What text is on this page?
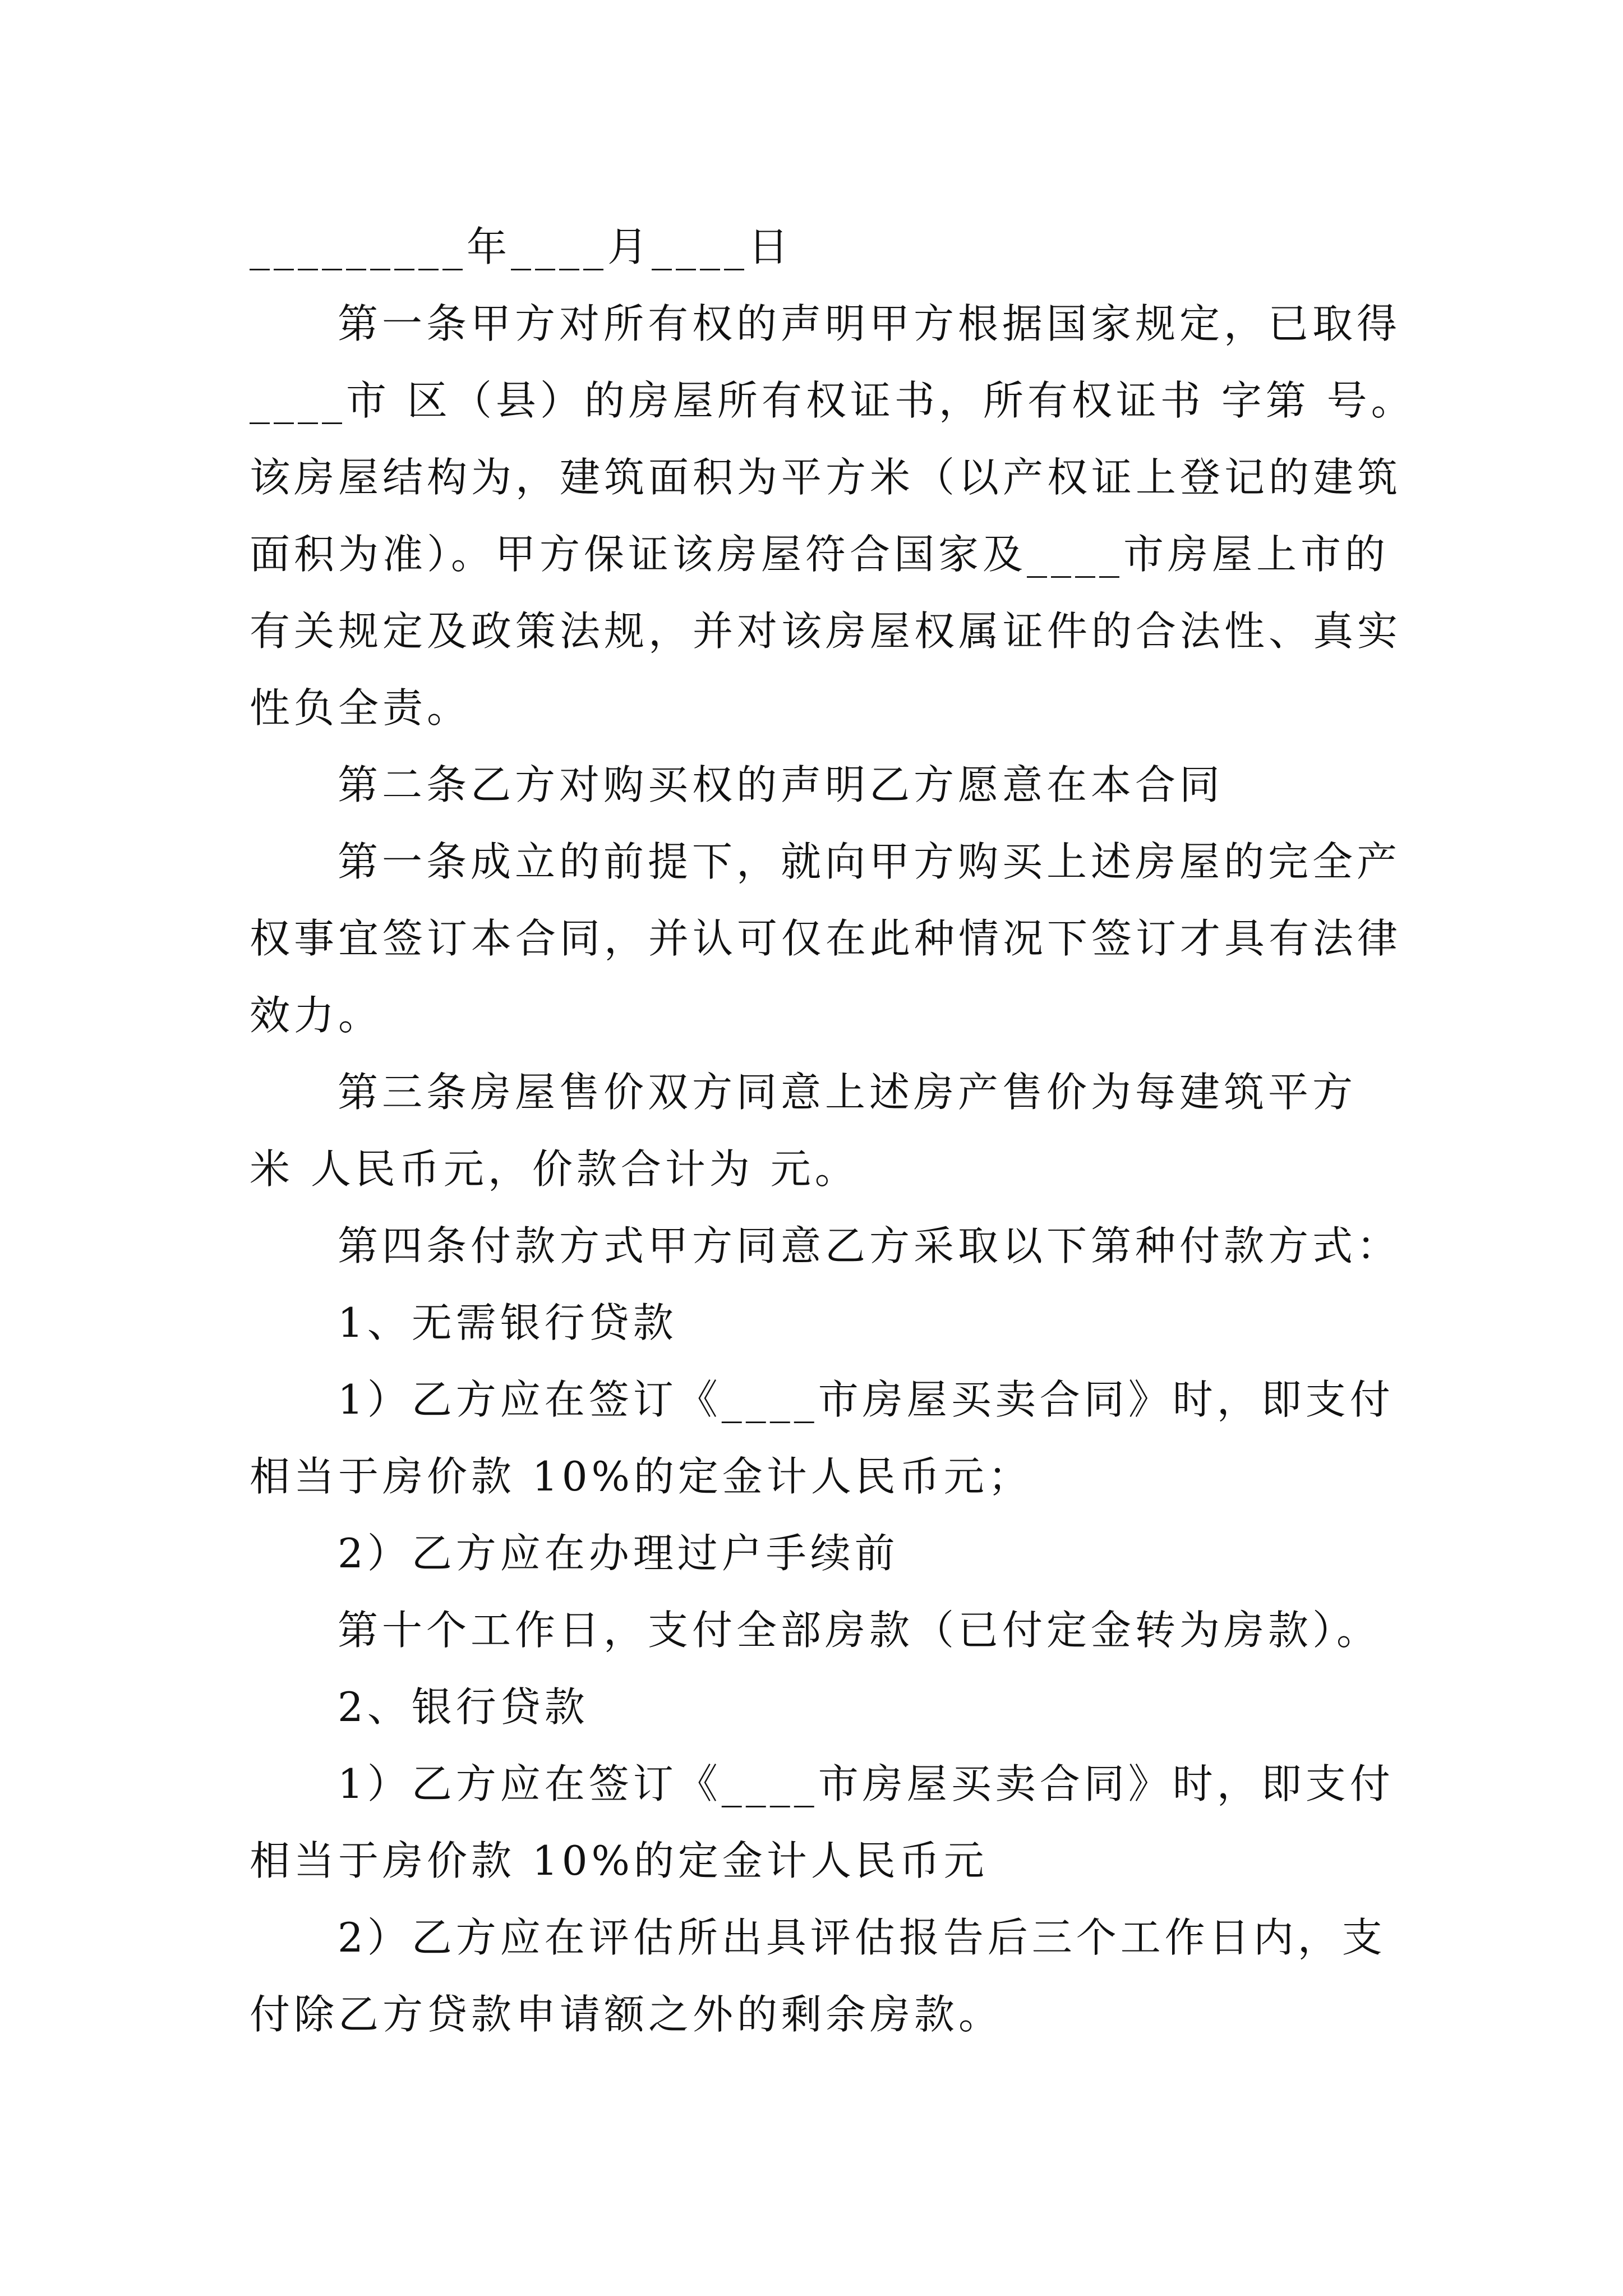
_________年____月____日
第一条甲方对所有权的声明甲方根据国家规定，已取得
____市 区（县）的房屋所有权证书，所有权证书 字第 号。
该房屋结构为，建筑面积为平方米（以产权证上登记的建筑
面积为准）。甲方保证该房屋符合国家及____市房屋上市的
有关规定及政策法规，并对该房屋权属证件的合法性、真实
性负全责。
第二条乙方对购买权的声明乙方愿意在本合同
第一条成立的前提下，就向甲方购买上述房屋的完全产
权事宜签订本合同，并认可仅在此种情况下签订才具有法律
效力。
第三条房屋售价双方同意上述房产售价为每建筑平方
米 人民币元，价款合计为 元。
第四条付款方式甲方同意乙方采取以下第种付款方式：
1、无需银行贷款
1）乙方应在签订《____市房屋买卖合同》时，即支付
相当于房价款 10%的定金计人民币元；
2）乙方应在办理过户手续前
第十个工作日，支付全部房款（已付定金转为房款）。
2、银行贷款
1）乙方应在签订《____市房屋买卖合同》时，即支付
相当于房价款 10%的定金计人民币元
2）乙方应在评估所出具评估报告后三个工作日内，支
付除乙方贷款申请额之外的剩余房款。
